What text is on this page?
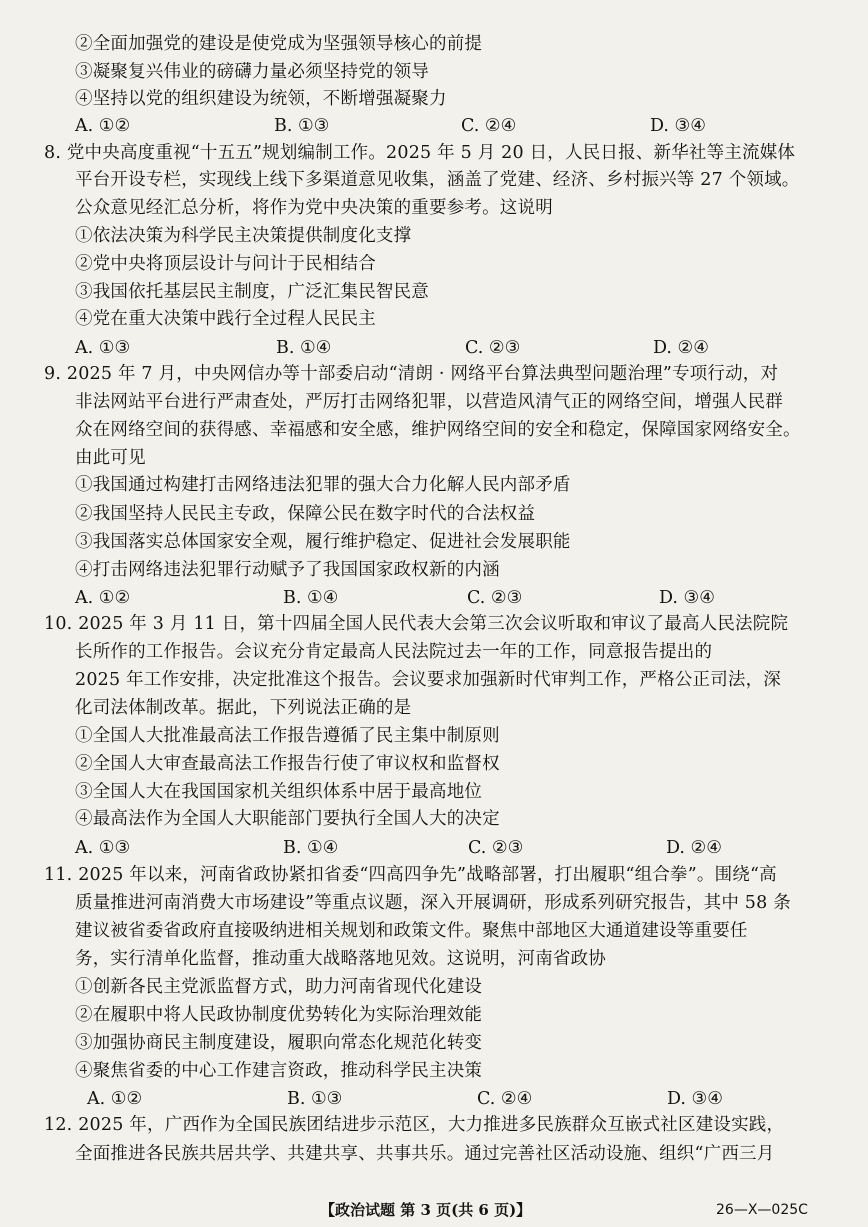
②全面加强党的建设是使党成为坚强领导核心的前提
③凝聚复兴伟业的磅礴力量必须坚持党的领导
④坚持以党的组织建设为统领，不断增强凝聚力
A. ①②	B. ①③	C. ②④	D. ③④
8. 党中央高度重视“十五五”规划编制工作。2025 年 5 月 20 日，人民日报、新华社等主流媒体
平台开设专栏，实现线上线下多渠道意见收集，涵盖了党建、经济、乡村振兴等 27 个领域。
公众意见经汇总分析，将作为党中央决策的重要参考。这说明
①依法决策为科学民主决策提供制度化支撑
②党中央将顶层设计与问计于民相结合
③我国依托基层民主制度，广泛汇集民智民意
④党在重大决策中践行全过程人民民主
A. ①③	B. ①④	C. ②③	D. ②④
9. 2025 年 7 月，中央网信办等十部委启动“清朗 · 网络平台算法典型问题治理”专项行动，对
非法网站平台进行严肃查处，严厉打击网络犯罪，以营造风清气正的网络空间，增强人民群
众在网络空间的获得感、幸福感和安全感，维护网络空间的安全和稳定，保障国家网络安全。
由此可见
①我国通过构建打击网络违法犯罪的强大合力化解人民内部矛盾
②我国坚持人民民主专政，保障公民在数字时代的合法权益
③我国落实总体国家安全观，履行维护稳定、促进社会发展职能
④打击网络违法犯罪行动赋予了我国国家政权新的内涵
A. ①②	B. ①④	C. ②③	D. ③④
10. 2025 年 3 月 11 日，第十四届全国人民代表大会第三次会议听取和审议了最高人民法院院
长所作的工作报告。会议充分肯定最高人民法院过去一年的工作，同意报告提出的
2025 年工作安排，决定批准这个报告。会议要求加强新时代审判工作，严格公正司法，深
化司法体制改革。据此，下列说法正确的是
①全国人大批准最高法工作报告遵循了民主集中制原则
②全国人大审查最高法工作报告行使了审议权和监督权
③全国人大在我国国家机关组织体系中居于最高地位
④最高法作为全国人大职能部门要执行全国人大的决定
A. ①③	B. ①④	C. ②③	D. ②④
11. 2025 年以来，河南省政协紧扣省委“四高四争先”战略部署，打出履职“组合拳”。围绕“高
质量推进河南消费大市场建设”等重点议题，深入开展调研，形成系列研究报告，其中 58 条
建议被省委省政府直接吸纳进相关规划和政策文件。聚焦中部地区大通道建设等重要任
务，实行清单化监督，推动重大战略落地见效。这说明，河南省政协
①创新各民主党派监督方式，助力河南省现代化建设
②在履职中将人民政协制度优势转化为实际治理效能
③加强协商民主制度建设，履职向常态化规范化转变
④聚焦省委的中心工作建言资政，推动科学民主决策
A. ①②	B. ①③	C. ②④	D. ③④
12. 2025 年，广西作为全国民族团结进步示范区，大力推进多民族群众互嵌式社区建设实践，
全面推进各民族共居共学、共建共享、共事共乐。通过完善社区活动设施、组织“广西三月
【政治试题 第 3 页(共 6 页)】	26—X—025C
